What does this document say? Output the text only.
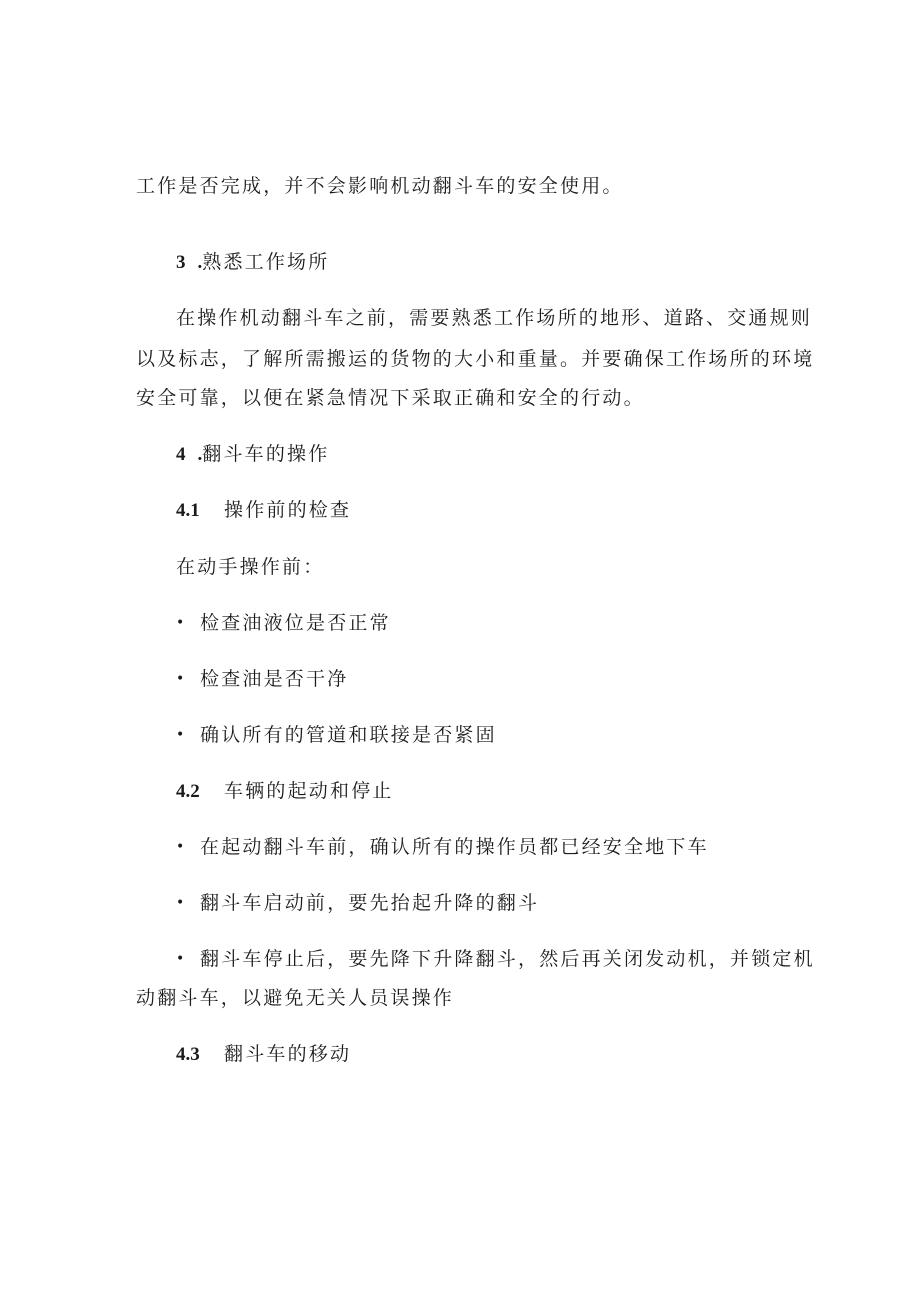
工作是否完成，并不会影响机动翻斗车的安全使用。
3 .熟悉工作场所
在操作机动翻斗车之前，需要熟悉工作场所的地形、道路、交通规则
以及标志，了解所需搬运的货物的大小和重量。并要确保工作场所的环境
安全可靠，以便在紧急情况下采取正确和安全的行动。
4 .翻斗车的操作
4.1 操作前的检查
在动手操作前：
• 检查油液位是否正常
• 检查油是否干净
• 确认所有的管道和联接是否紧固
4.2 车辆的起动和停止
• 在起动翻斗车前，确认所有的操作员都已经安全地下车
• 翻斗车启动前，要先抬起升降的翻斗
• 翻斗车停止后，要先降下升降翻斗，然后再关闭发动机，并锁定机
动翻斗车，以避免无关人员误操作
4.3 翻斗车的移动
